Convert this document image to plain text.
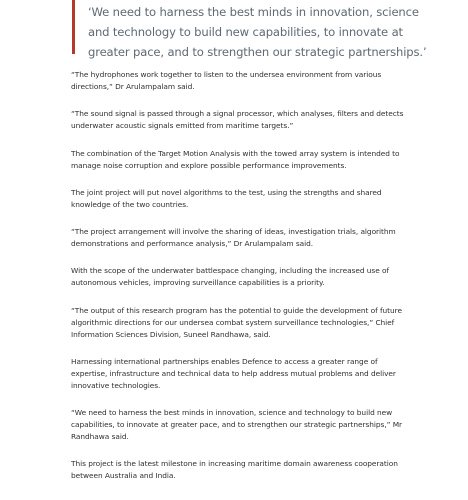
‘We need to harness the best minds in innovation, science and technology to build new capabilities, to innovate at greater pace, and to strengthen our strategic partnerships.’

“The hydrophones work together to listen to the undersea environment from various directions,” Dr Arulampalam said.

“The sound signal is passed through a signal processor, which analyses, filters and detects underwater acoustic signals emitted from maritime targets.”

The combination of the Target Motion Analysis with the towed array system is intended to manage noise corruption and explore possible performance improvements.

The joint project will put novel algorithms to the test, using the strengths and shared knowledge of the two countries.

“The project arrangement will involve the sharing of ideas, investigation trials, algorithm demonstrations and performance analysis,” Dr Arulampalam said.

With the scope of the underwater battlespace changing, including the increased use of autonomous vehicles, improving surveillance capabilities is a priority.

“The output of this research program has the potential to guide the development of future algorithmic directions for our undersea combat system surveillance technologies,” Chief Information Sciences Division, Suneel Randhawa, said.

Harnessing international partnerships enables Defence to access a greater range of expertise, infrastructure and technical data to help address mutual problems and deliver innovative technologies.

“We need to harness the best minds in innovation, science and technology to build new capabilities, to innovate at greater pace, and to strengthen our strategic partnerships,” Mr Randhawa said.

This project is the latest milestone in increasing maritime domain awareness cooperation between Australia and India.
